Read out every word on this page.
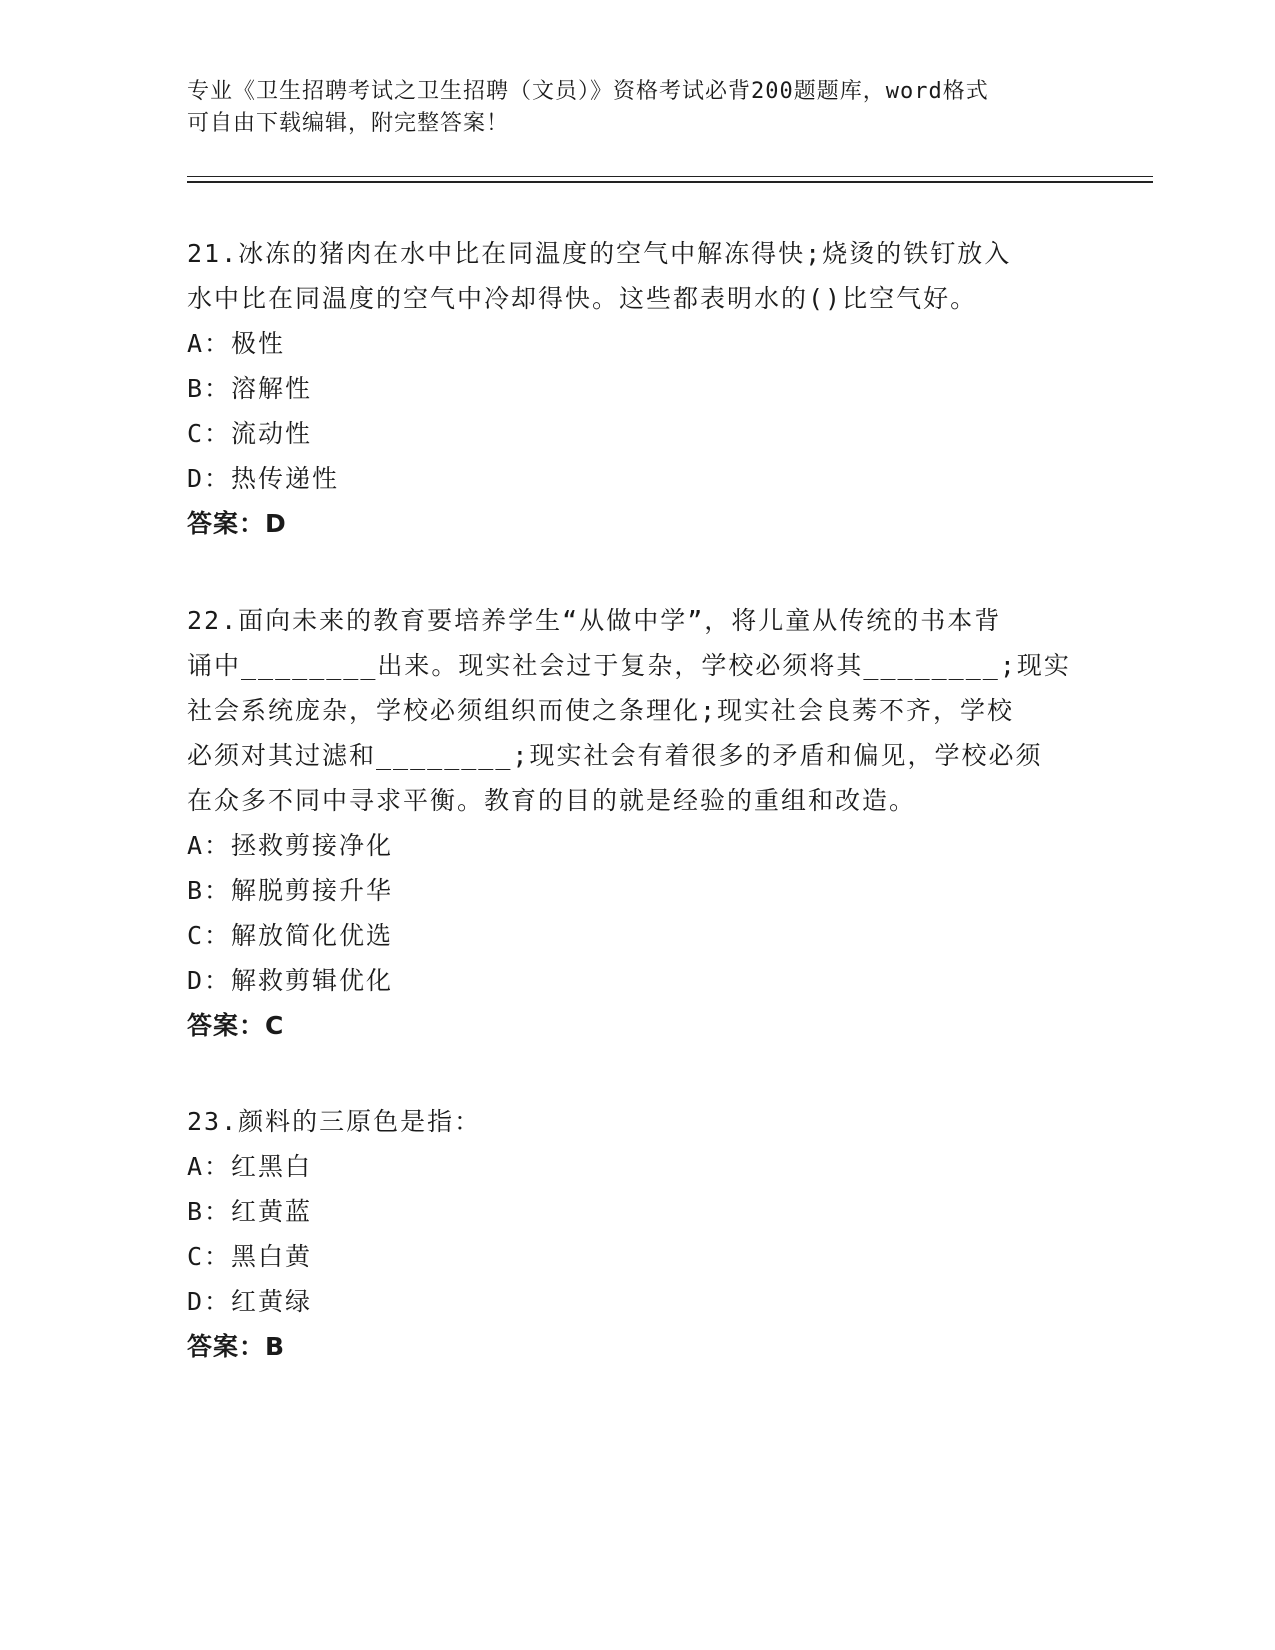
专业《卫生招聘考试之卫生招聘（文员）》资格考试必背200题题库，word格式
可自由下载编辑，附完整答案！

21.冰冻的猪肉在水中比在同温度的空气中解冻得快;烧烫的铁钉放入

水中比在同温度的空气中冷却得快。这些都表明水的()比空气好。

A：极性

B：溶解性

C：流动性

D：热传递性

答案：D

22.面向未来的教育要培养学生“从做中学”，将儿童从传统的书本背

诵中________出来。现实社会过于复杂，学校必须将其________;现实

社会系统庞杂，学校必须组织而使之条理化;现实社会良莠不齐，学校

必须对其过滤和________;现实社会有着很多的矛盾和偏见，学校必须

在众多不同中寻求平衡。教育的目的就是经验的重组和改造。

A：拯救剪接净化

B：解脱剪接升华

C：解放简化优选

D：解救剪辑优化

答案：C

23.颜料的三原色是指：

A：红黑白

B：红黄蓝

C：黑白黄

D：红黄绿

答案：B
